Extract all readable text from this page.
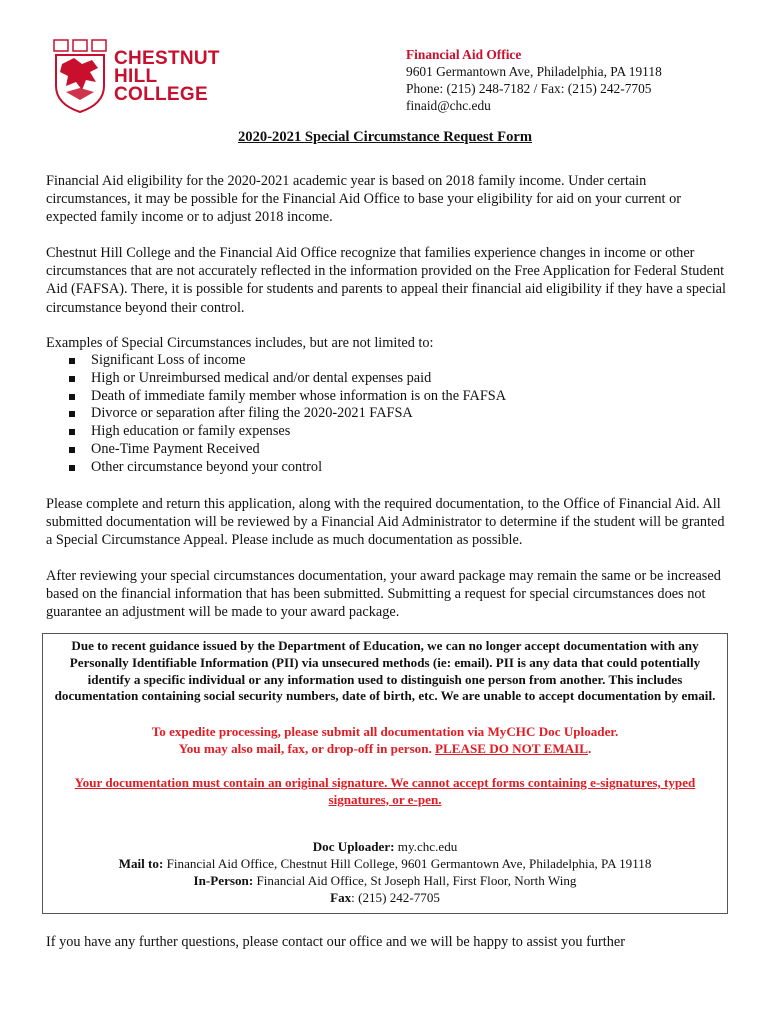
CHESTNUT
HILL
COLLEGE
Financial Aid Office
9601 Germantown Ave, Philadelphia, PA 19118
Phone: (215) 248-7182 / Fax: (215) 242-7705
finaid@chc.edu
2020-2021 Special Circumstance Request Form
Financial Aid eligibility for the 2020-2021 academic year is based on 2018 family income. Under certain circumstances, it may be possible for the Financial Aid Office to base your eligibility for aid on your current or expected family income or to adjust 2018 income.
Chestnut Hill College and the Financial Aid Office recognize that families experience changes in income or other circumstances that are not accurately reflected in the information provided on the Free Application for Federal Student Aid (FAFSA). There, it is possible for students and parents to appeal their financial aid eligibility if they have a special circumstance beyond their control.
Examples of Special Circumstances includes, but are not limited to:
Significant Loss of income
High or Unreimbursed medical and/or dental expenses paid
Death of immediate family member whose information is on the FAFSA
Divorce or separation after filing the 2020-2021 FAFSA
High education or family expenses
One-Time Payment Received
Other circumstance beyond your control
Please complete and return this application, along with the required documentation, to the Office of Financial Aid. All submitted documentation will be reviewed by a Financial Aid Administrator to determine if the student will be granted a Special Circumstance Appeal. Please include as much documentation as possible.
After reviewing your special circumstances documentation, your award package may remain the same or be increased based on the financial information that has been submitted. Submitting a request for special circumstances does not guarantee an adjustment will be made to your award package.

Due to recent guidance issued by the Department of Education, we can no longer accept documentation with any Personally Identifiable Information (PII) via unsecured methods (ie: email). PII is any data that could potentially identify a specific individual or any information used to distinguish one person from another. This includes documentation containing social security numbers, date of birth, etc. We are unable to accept documentation by email.

To expedite processing, please submit all documentation via MyCHC Doc Uploader.

You may also mail, fax, or drop-off in person. PLEASE DO NOT EMAIL.

Your documentation must contain an original signature. We cannot accept forms containing e-signatures, typed signatures, or e-pen.

Doc Uploader: my.chc.edu

Mail to: Financial Aid Office, Chestnut Hill College, 9601 Germantown Ave, Philadelphia, PA 19118

In-Person: Financial Aid Office, St Joseph Hall, First Floor, North Wing

Fax: (215) 242-7705

If you have any further questions, please contact our office and we will be happy to assist you further
